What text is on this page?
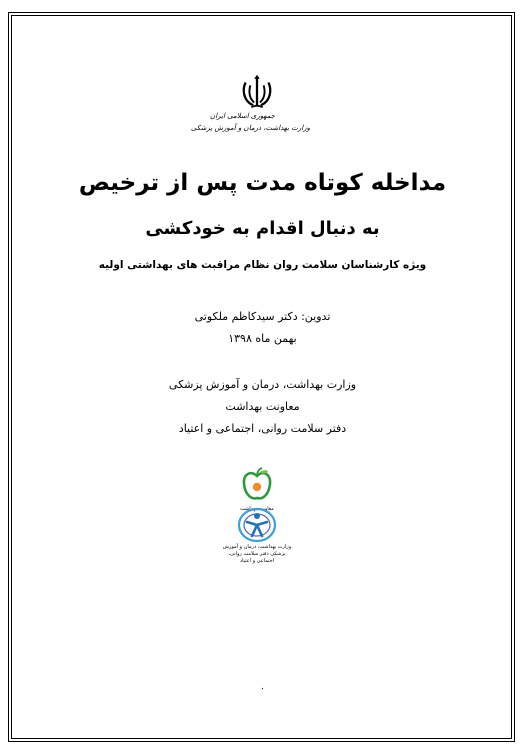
جمهوری اسلامی ایران
وزارت بهداشت، درمان و آموزش پزشکی
مداخله کوتاه مدت پس از ترخیص
به دنبال اقدام به خودکشی
ویژه کارشناسان سلامت روان نظام مراقبت های بهداشتی اولیه
تدوین: دکتر سیدکاظم ملکوتی
بهمن ماه ۱۳۹۸
وزارت بهداشت، درمان و آموزش پزشکی
معاونت بهداشت
دفتر سلامت روانی، اجتماعی و اعتیاد
معاونت بهداشت
وزارت بهداشت، درمان و آموزش پزشکی دفتر سلامت روانی، اجتماعی و اعتیاد
۰
